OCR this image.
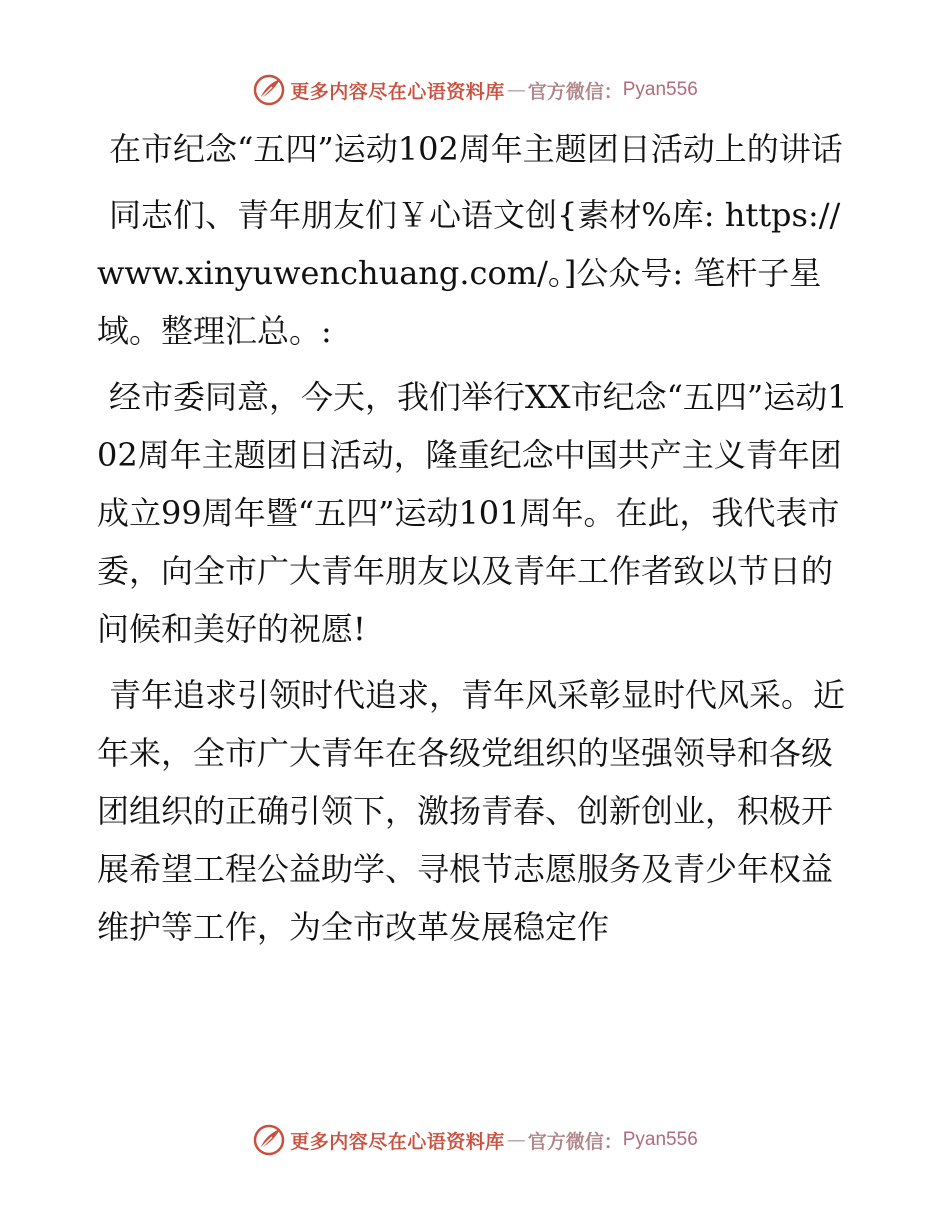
更多内容尽在心语资料库 — 官方微信： Pyan556

在市纪念“五四”运动102周年主题团日活动上的讲话

同志们、青年朋友们￥心语文创{素材%库: https://www.xinyuwenchuang.com/。]公众号: 笔杆子星域。整理汇总。:

经市委同意，今天，我们举行XX市纪念“五四”运动102周年主题团日活动，隆重纪念中国共产主义青年团成立99周年暨“五四”运动101周年。在此，我代表市委，向全市广大青年朋友以及青年工作者致以节日的问候和美好的祝愿!

青年追求引领时代追求，青年风采彰显时代风采。近年来，全市广大青年在各级党组织的坚强领导和各级团组织的正确引领下，激扬青春、创新创业，积极开展希望工程公益助学、寻根节志愿服务及青少年权益维护等工作，为全市改革发展稳定作

更多内容尽在心语资料库 — 官方微信： Pyan556
